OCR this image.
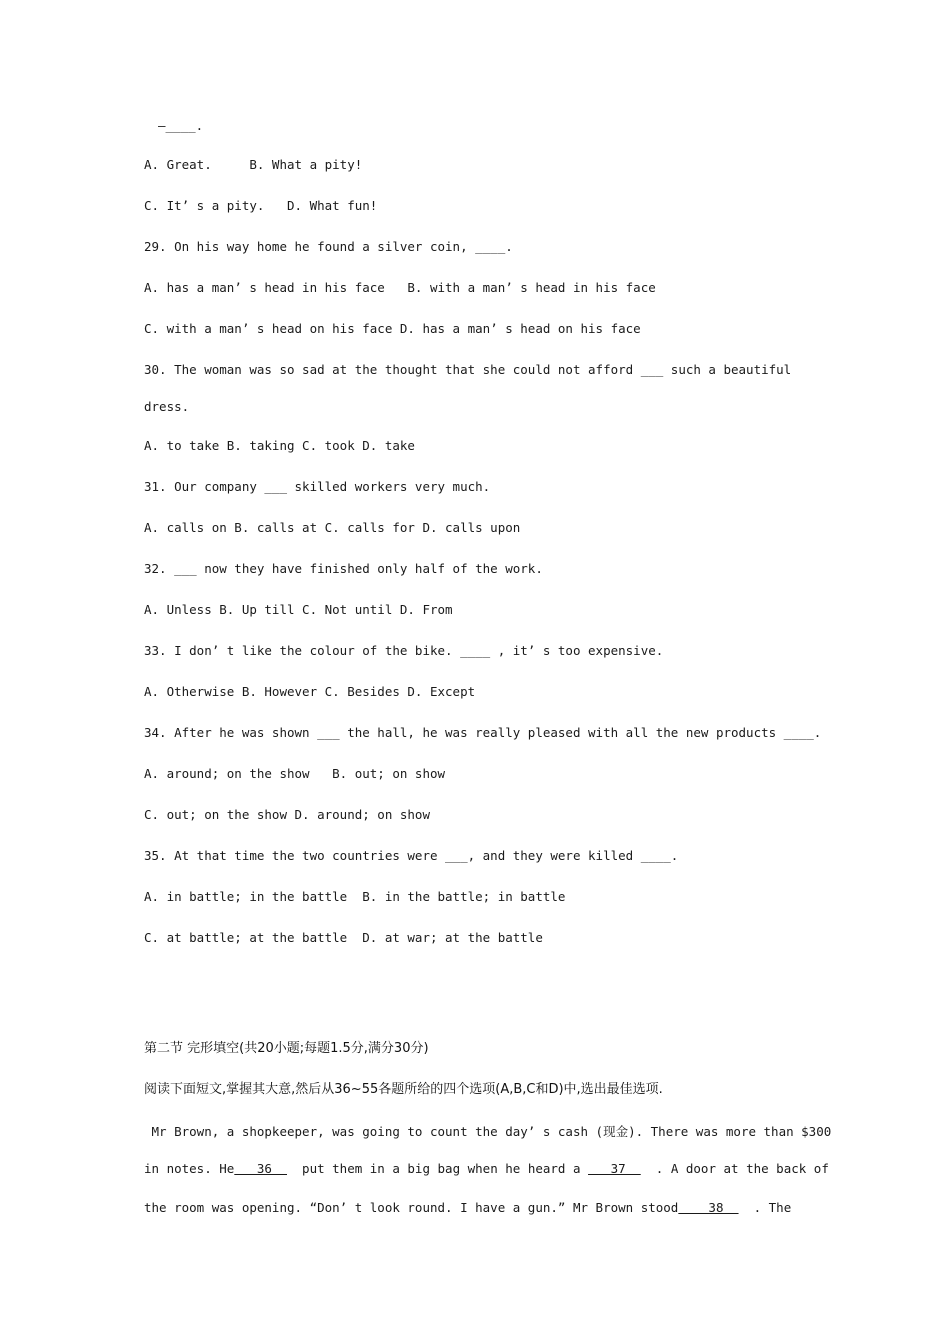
—____.
A. Great.     B. What a pity!
C. It’ s a pity.   D. What fun!
29. On his way home he found a silver coin, ____.
A. has a man’ s head in his face   B. with a man’ s head in his face
C. with a man’ s head on his face D. has a man’ s head on his face
30. The woman was so sad at the thought that she could not afford ___ such a beautiful
dress.
A. to take B. taking C. took D. take
31. Our company ___ skilled workers very much.
A. calls on B. calls at C. calls for D. calls upon
32. ___ now they have finished only half of the work.
A. Unless B. Up till C. Not until D. From
33. I don’ t like the colour of the bike. ____ , it’ s too expensive.
A. Otherwise B. However C. Besides D. Except
34. After he was shown ___ the hall, he was really pleased with all the new products ____.
A. around; on the show   B. out; on show
C. out; on the show D. around; on show
35. At that time the two countries were ___, and they were killed ____.
A. in battle; in the battle  B. in the battle; in battle
C. at battle; at the battle  D. at war; at the battle
第二节 完形填空(共20小题;每题1.5分,满分30分)
阅读下面短文,掌握其大意,然后从36~55各题所给的四个选项(A,B,C和D)中,选出最佳选项.
Mr Brown, a shopkeeper, was going to count the day’ s cash (现金). There was more than $300
in notes. He   36    put them in a big bag when he heard a    37    . A door at the back of
the room was opening. “Don’ t look round. I have a gun.” Mr Brown stood    38    . The
